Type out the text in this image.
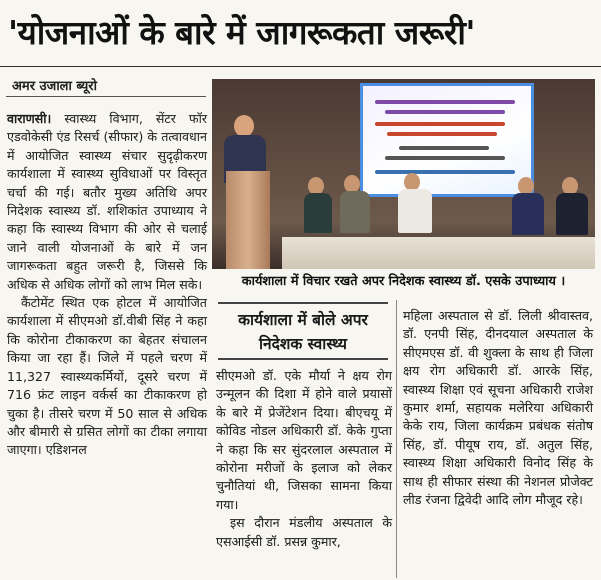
'योजनाओं के बारे में जागरूकता जरूरी'
अमर उजाला ब्यूरो

वाराणसी। स्वास्थ्य विभाग, सेंटर फॉर एडवोकेसी एंड रिसर्च (सीफार) के तत्वावधान में आयोजित स्वास्थ्य संचार सुदृढ़ीकरण कार्यशाला में स्वास्थ्य सुविधाओं पर विस्तृत चर्चा की गई। बतौर मुख्य अतिथि अपर निदेशक स्वास्थ्य डॉ. शशिकांत उपाध्याय ने कहा कि स्वास्थ्य विभाग की ओर से चलाई जाने वाली योजनाओं के बारे में जन जागरूकता बहुत जरूरी है, जिससे कि अधिक से अधिक लोगों को लाभ मिल सके।

कैंटोमेंट स्थित एक होटल में आयोजित कार्यशाला में सीएमओ डॉ.वीबी सिंह ने कहा कि कोरोना टीकाकरण का बेहतर संचालन किया जा रहा हैं। जिले में पहले चरण में 11,327 स्वास्थ्यकर्मियों, दूसरे चरण में 716 फ्रंट लाइन वर्कर्स का टीकाकरण हो चुका है। तीसरे चरण में 50 साल से अधिक और बीमारी से ग्रसित लोगों का टीका लगाया जाएगा। एडिशनल

कार्यशाला में विचार रखते अपर निदेशक स्वास्थ्य डॉ. एसके उपाध्याय ।
कार्यशाला में बोले अपर निदेशक स्वास्थ्य

सीएमओ डॉ. एके मौर्या ने क्षय रोग उन्मूलन की दिशा में होने वाले प्रयासों के बारे में प्रेजेंटेशन दिया। बीएचयू में कोविड नोडल अधिकारी डॉ. केके गुप्ता ने कहा कि सर सुंदरलाल अस्पताल में कोरोना मरीजों के इलाज को लेकर चुनौतियां थी, जिसका सामना किया गया।

इस दौरान मंडलीय अस्पताल के एसआईसी डॉ. प्रसन्न कुमार,

महिला अस्पताल से डॉ. लिली श्रीवास्तव, डॉ. एनपी सिंह, दीनदयाल अस्पताल के सीएमएस डॉ. वी शुक्ला के साथ ही जिला क्षय रोग अधिकारी डॉ. आरके सिंह, स्वास्थ्य शिक्षा एवं सूचना अधिकारी राजेश कुमार शर्मा, सहायक मलेरिया अधिकारी केके राय, जिला कार्यक्रम प्रबंधक संतोष सिंह, डॉ. पीयूष राय, डॉ. अतुल सिंह, स्वास्थ्य शिक्षा अधिकारी विनोद सिंह के साथ ही सीफार संस्था की नेशनल प्रोजेक्ट लीड रंजना द्विवेदी आदि लोग मौजूद रहे।
